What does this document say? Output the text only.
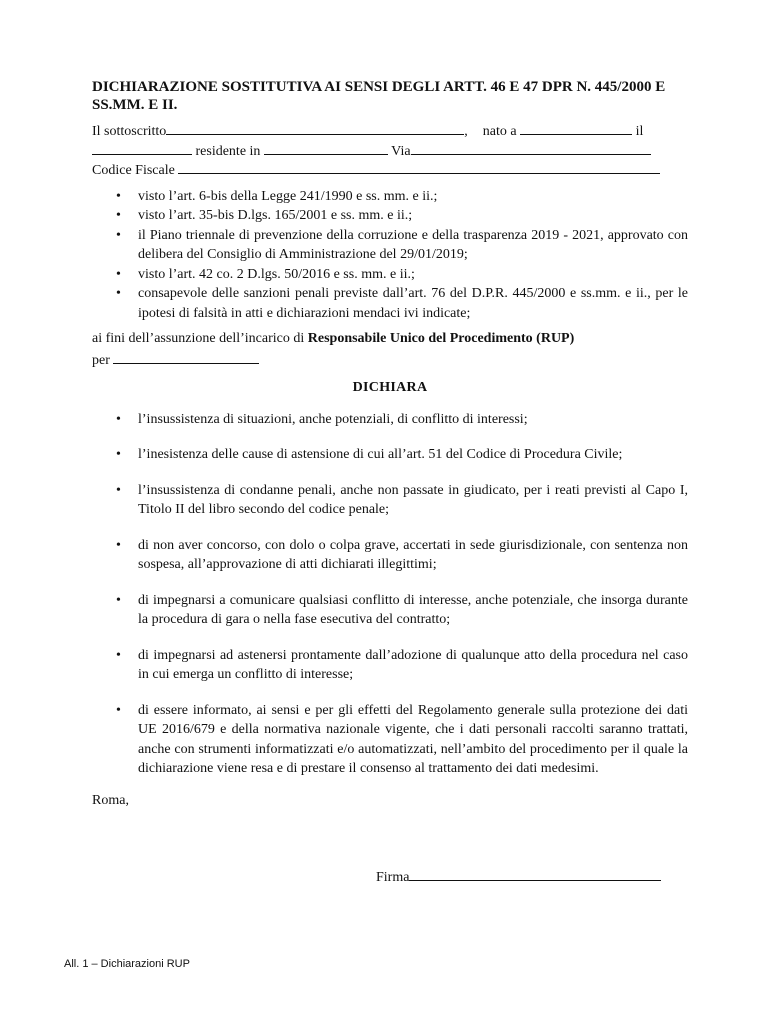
DICHIARAZIONE SOSTITUTIVA AI SENSI DEGLI ARTT. 46 E 47 DPR N. 445/2000 E SS.MM. E II.
Il sottoscritto	, nato a	il
residente in	Via
Codice Fiscale
• visto l’art. 6-bis della Legge 241/1990 e ss. mm. e ii.;
• visto l’art. 35-bis D.lgs. 165/2001 e ss. mm. e ii.;
• il Piano triennale di prevenzione della corruzione e della trasparenza 2019 - 2021, approvato con delibera del Consiglio di Amministrazione del 29/01/2019;
• visto l’art. 42 co. 2 D.lgs. 50/2016 e ss. mm. e ii.;
• consapevole delle sanzioni penali previste dall’art. 76 del D.P.R. 445/2000 e ss.mm. e ii., per le ipotesi di falsità in atti e dichiarazioni mendaci ivi indicate;
ai fini dell’assunzione dell’incarico di Responsabile Unico del Procedimento (RUP)
per
DICHIARA
• l’insussistenza di situazioni, anche potenziali, di conflitto di interessi;
• l’inesistenza delle cause di astensione di cui all’art. 51 del Codice di Procedura Civile;
• l’insussistenza di condanne penali, anche non passate in giudicato, per i reati previsti al Capo I, Titolo II del libro secondo del codice penale;
• di non aver concorso, con dolo o colpa grave, accertati in sede giurisdizionale, con sentenza non sospesa, all’approvazione di atti dichiarati illegittimi;
• di impegnarsi a comunicare qualsiasi conflitto di interesse, anche potenziale, che insorga durante la procedura di gara o nella fase esecutiva del contratto;
• di impegnarsi ad astenersi prontamente dall’adozione di qualunque atto della procedura nel caso in cui emerga un conflitto di interesse;
• di essere informato, ai sensi e per gli effetti del Regolamento generale sulla protezione dei dati UE 2016/679 e della normativa nazionale vigente, che i dati personali raccolti saranno trattati, anche con strumenti informatizzati e/o automatizzati, nell’ambito del procedimento per il quale la dichiarazione viene resa e di prestare il consenso al trattamento dei dati medesimi.
Roma,
Firma
All. 1 – Dichiarazioni RUP
